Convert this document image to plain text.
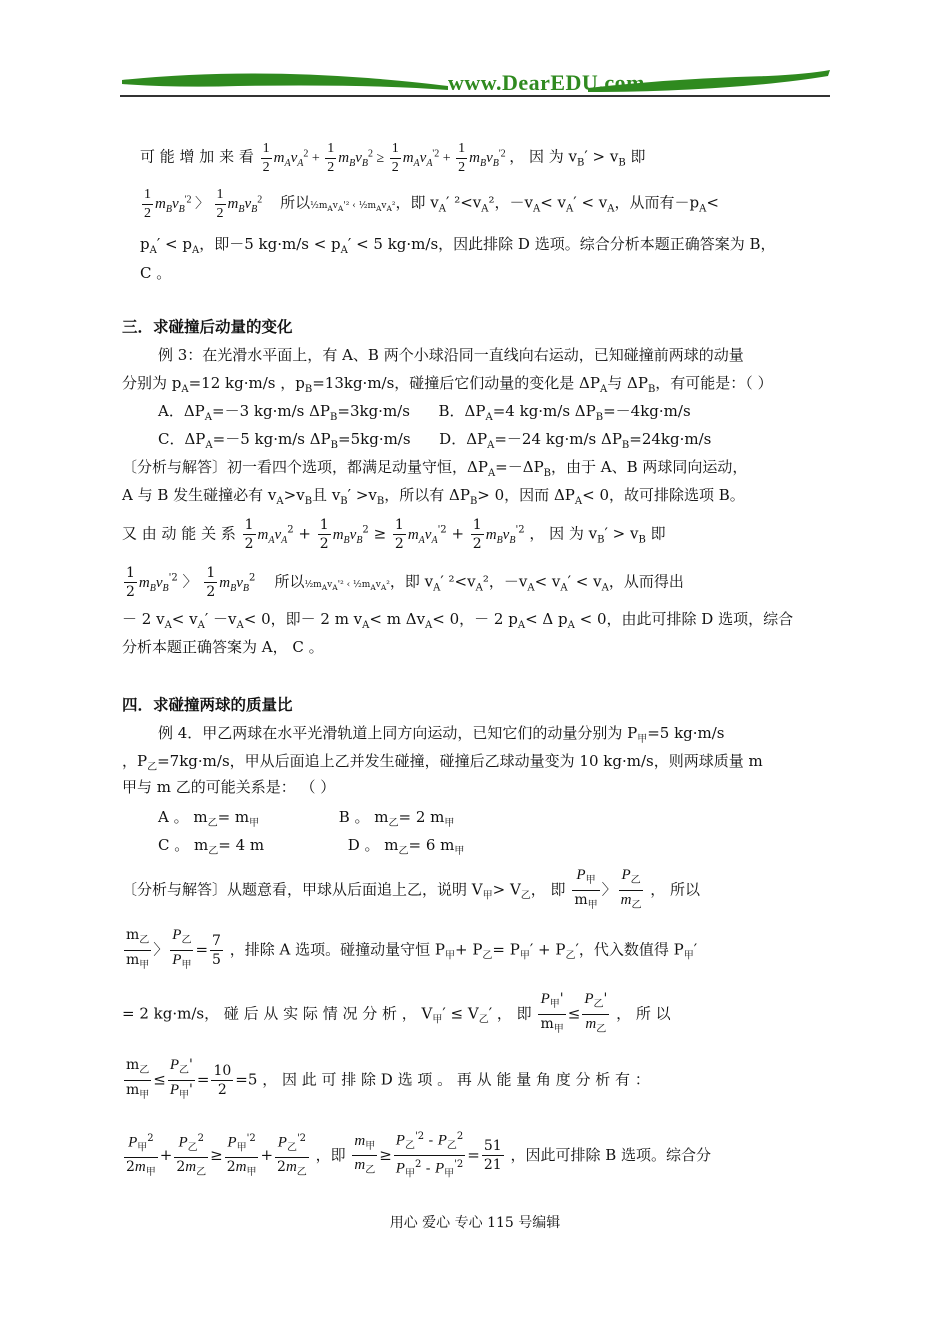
www.DearEDU.com
可 能 增 加 来 看 $\frac{1}{2} m_Av_A^2 + \frac{1}{2} m_Bv_B^2 \ge \frac{1}{2} m_Av_A^{'2} + \frac{1}{2} m_Bv_B^{'2}$ ， 因 为 $v_B' > v_B$ 即
$\frac{1}{2} m_Bv_B^{'2}$ 〉 $\frac{1}{2} m_Bv_B^2$ 所以$\frac{1}{2}m_Av_A'^2$ ‹ $\frac{1}{2}m_Av_A^2$，即 $v_A'$ $^2<v_A^2$，$-v_A< v_A' < v_A$，从而有$-p_A<$
$p_A' < p_A$，即－5 $kg\cdot m/s < p_A' < 5$ kg·m/s，因此排除 D 选项。综合分析本题正确答案为 B，
C 。
三．求碰撞后动量的变化
例 3：在光滑水平面上，有 A、B 两个小球沿同一直线向右运动，已知碰撞前两球的动量
分别为 $p_A=12$ kg·m/s ，$p_B=13kg\cdot m/s$，碰撞后它们动量的变化是 $\Delta P_A$与 $\Delta P_B$，有可能是：（ ）
A．$\Delta P_A=-3$ kg·m/s $\Delta P_B=3kg\cdot m/s$ B．$\Delta P_A=4$ kg·m/s $\Delta P_B=-4kg\cdot m/s$
C．$\Delta P_A=-5$ kg·m/s $\Delta P_B=5kg\cdot m/s$ D．$\Delta P_A=-24$ kg·m/s $\Delta P_B=24kg\cdot m/s$
〔分析与解答〕初一看四个选项，都满足动量守恒，$\Delta P_A=-\Delta P_B$，由于 A、B 两球同向运动，
A 与 B 发生碰撞必有 $v_A>v_B$且 $v_B' >v_B$，所以有 $\Delta P_B> 0$，因而 $\Delta P_A< 0$，故可排除选项 B。
又 由 动 能 关 系 $\frac{1}{2} m_Av_A^2 + \frac{1}{2} m_Bv_B^2 \ge \frac{1}{2} m_Av_A^{'2} + \frac{1}{2} m_Bv_B^{'2}$ ， 因 为 $v_B' > v_B$ 即
$\frac{1}{2} m_Bv_B^{'2}$ 〉 $\frac{1}{2} m_Bv_B^2$ 所以$\frac{1}{2}m_Av_A'^2$ ‹ $\frac{1}{2}m_Av_A^2$，即 $v_A'$ $^2<v_A^2$，$-v_A< v_A' < v_A$，从而得出
－ 2 $v_A< v_A' -v_A< 0$，即－ 2 m $v_A< m$ $\Delta v_A< 0$，－ 2 $p_A< \Delta$ $p_A < 0$，由此可排除 D 选项，综合
分析本题正确答案为 A， C 。
四．求碰撞两球的质量比
例 4．甲乙两球在水平光滑轨道上同方向运动，已知它们的动量分别为 $P_甲=5$ kg·m/s
，$P_乙=7kg\cdot m/s$，甲从后面追上乙并发生碰撞，碰撞后乙球动量变为 10 kg·m/s，则两球质量 m
甲与 m 乙的可能关系是： （ ）
A 。 $m_乙= m_甲$	B 。 $m_乙= 2$ $m_甲$
C 。 $m_乙= 4$ m	D 。 $m_乙= 6$ $m_甲$
〔分析与解答〕从题意看，甲球从后面追上乙，说明 $V_甲> V_乙$， 即
$P_甲$
$m_甲$
〉
$P_乙$
$m_乙$
， 所以
$m_乙$
$m_甲$
〉
$P_乙$
$P_甲$
= $\frac{7}{5}$ ，排除 A 选项。碰撞动量守恒 $P_甲+ P_乙= P_甲' + P_乙'$，代入数值得 $P_甲'$
= 2 kg·m/s， 碰 后 从 实 际 情 况 分 析 ， $V_甲' \le V_乙'$ ， 即
$P_甲'$
$m_甲$
≤
$P_乙'$
$m_乙$
， 所 以
$m_乙$
$m_甲$
≤
$P_乙'$
$P_甲'$
= $\frac{10}{2} =5$ ， 因 此 可 排 除 D 选 项 。 再 从 能 量 角 度 分 析 有 ：
$P_甲^2$
$2m_甲$
+
$P_乙^2$
$2m_乙$
≥
$P_甲^{'2}$
$2m_甲$
+
$P_乙^{'2}$
$2m_乙$
，即
$m_甲$
$m_乙$
≥
$P_乙^{'2} - P_乙^2$
$P_甲^2 - P_甲^{'2}$
= $\frac{51}{21}$ ，因此可排除 B 选项。综合分
用心 爱心 专心 115 号编辑
